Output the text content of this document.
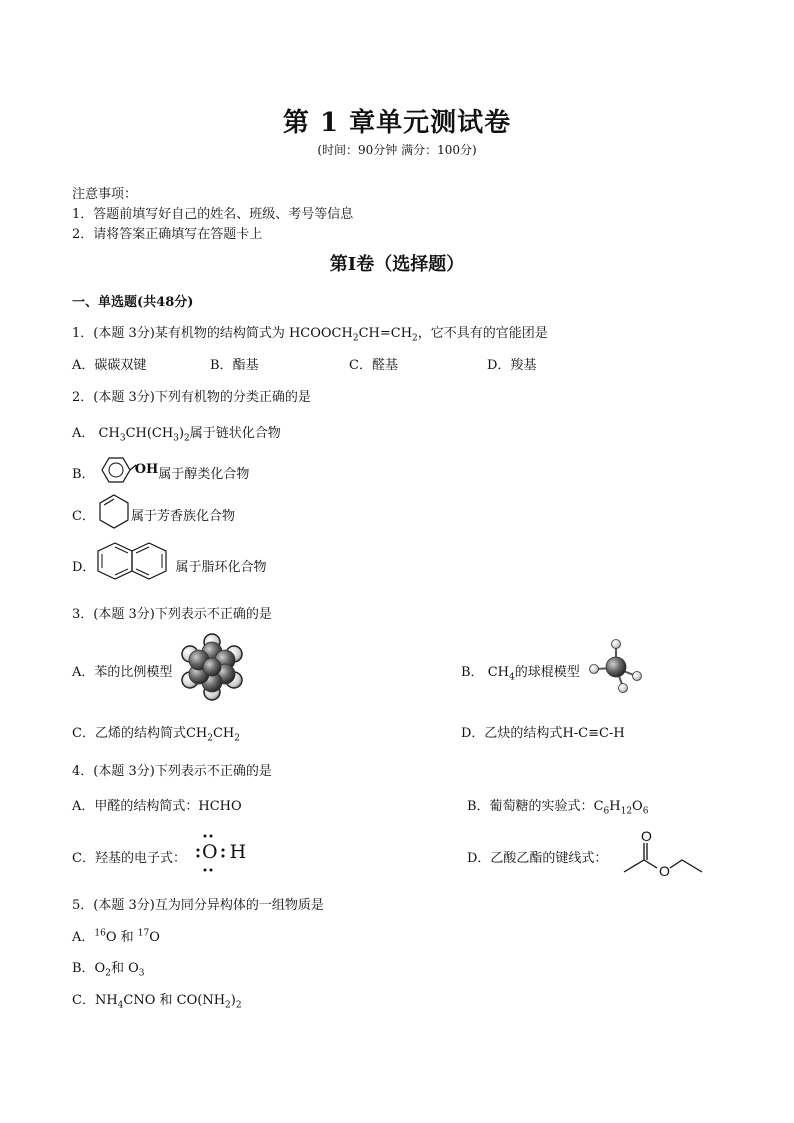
第 1 章单元测试卷
(时间：90分钟 满分：100分)
注意事项：
1．答题前填写好自己的姓名、班级、考号等信息
2．请将答案正确填写在答题卡上
第Ⅰ卷（选择题）
一、单选题(共48分)
1．(本题 3分)某有机物的结构简式为 $HCOOCH_2CH=CH_2$，它不具有的官能团是
A．碳碳双键	B．酯基	C．醛基	D．羧基
2．(本题 3分)下列有机物的分类正确的是
A． $CH_3CH(CH_3)_2$属于链状化合物
B．	OH属于醇类化合物
C．	属于芳香族化合物
D．	属于脂环化合物
3．(本题 3分)下列表示不正确的是
A．苯的比例模型	B． $CH_4$的球棍模型
C．乙烯的结构简式$CH_2CH_2$	D．乙炔的结构式H-C≡C-H
4．(本题 3分)下列表示不正确的是
A．甲醛的结构简式：HCHO	B．葡萄糖的实验式：$C_6H_{12}O_6$
C．羟基的电子式： O H	D．乙酸乙酯的键线式：
O
O
5．(本题 3分)互为同分异构体的一组物质是
A．$^{16}$O 和 $^{17}$O
B．$O_2$和 $O_3$
C．$NH_4CNO$ 和 $CO(NH_2)_2$
